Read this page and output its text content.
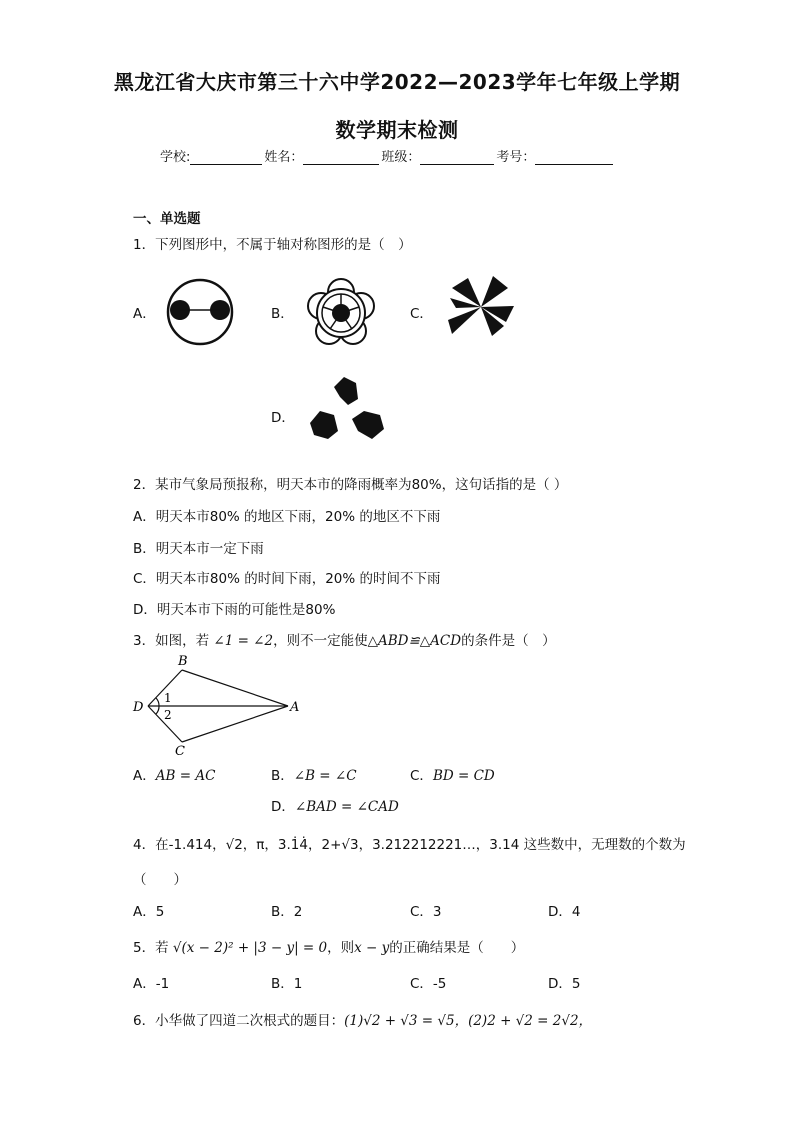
黑龙江省大庆市第三十六中学2022—2023学年七年级上学期
数学期末检测
学校:	姓名：	班级：	考号：
一、单选题
1．下列图形中，不属于轴对称图形的是（　）
A．	B．	C．
D．
2．某市气象局预报称，明天本市的降雨概率为80%，这句话指的是（ ）
A．明天本市80% 的地区下雨，20% 的地区不下雨
B．明天本市一定下雨
C．明天本市80% 的时间下雨，20% 的时间不下雨
D．明天本市下雨的可能性是80%
3．如图，若 ∠1 = ∠2，则不一定能使△ABD≌△ACD的条件是（　）
B
D	A
C
1
2
A．AB = AC	B．∠B = ∠C	C．BD = CD
D．∠BAD = ∠CAD
4．在-1.414，√2，π，3.1̇4̇，2+√3，3.212212221…，3.14 这些数中，无理数的个数为
（　　）
A．5	B．2	C．3	D．4
5．若 √(x − 2)² + |3 − y| = 0，则x − y的正确结果是（　　）
A．-1	B．1	C．-5	D．5
6．小华做了四道二次根式的题目：(1)√2 + √3 = √5，(2)2 + √2 = 2√2，
